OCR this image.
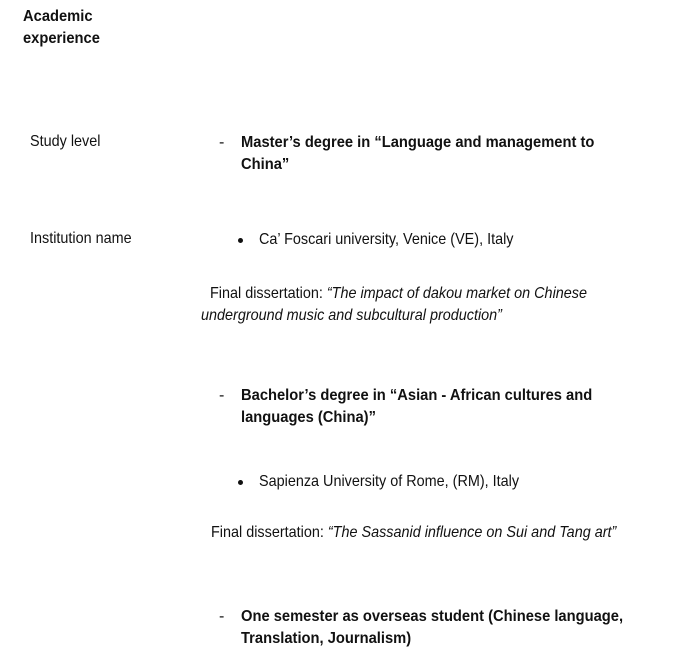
Academic experience
Study level
Institution name
- Master’s degree in “Language and management to China”
Ca’ Foscari university, Venice (VE), Italy
Final dissertation: “The impact of dakou market on Chinese underground music and subcultural production”
- Bachelor’s degree in “Asian - African cultures and languages (China)”
Sapienza University of Rome, (RM), Italy
Final dissertation: “The Sassanid influence on Sui and Tang art”
- One semester as overseas student (Chinese language, Translation, Journalism)
